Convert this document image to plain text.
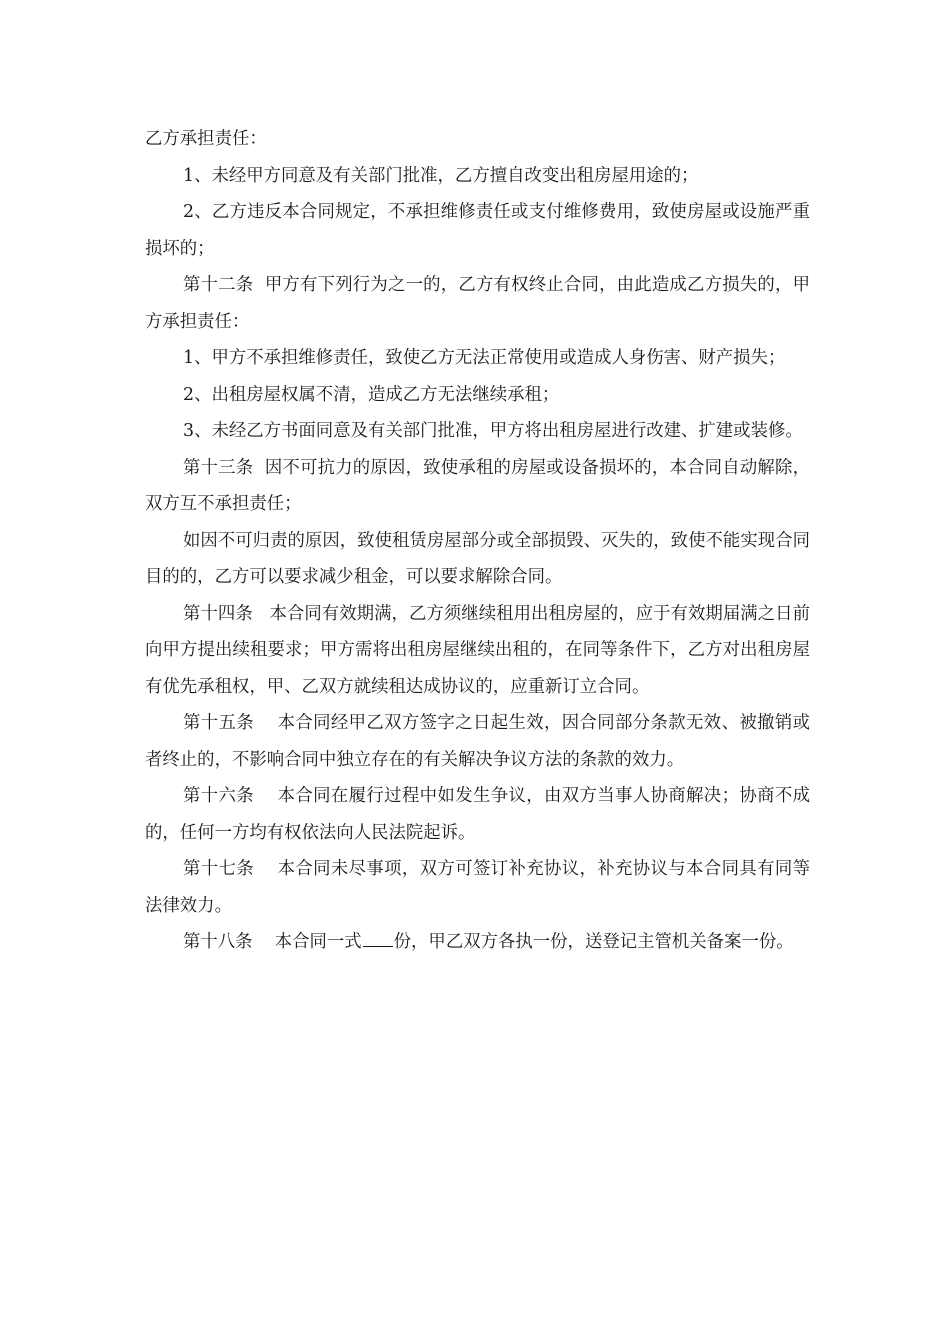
乙方承担责任：

1、未经甲方同意及有关部门批准，乙方擅自改变出租房屋用途的；

2、乙方违反本合同规定，不承担维修责任或支付维修费用，致使房屋或设施严重损坏的；

第十二条  甲方有下列行为之一的，乙方有权终止合同，由此造成乙方损失的，甲方承担责任：

1、甲方不承担维修责任，致使乙方无法正常使用或造成人身伤害、财产损失；

2、出租房屋权属不清，造成乙方无法继续承租；

3、未经乙方书面同意及有关部门批准，甲方将出租房屋进行改建、扩建或装修。

第十三条  因不可抗力的原因，致使承租的房屋或设备损坏的，本合同自动解除，双方互不承担责任；

如因不可归责的原因，致使租赁房屋部分或全部损毁、灭失的，致使不能实现合同目的的，乙方可以要求减少租金，可以要求解除合同。

第十四条   本合同有效期满，乙方须继续租用出租房屋的，应于有效期届满之日前向甲方提出续租要求；甲方需将出租房屋继续出租的，在同等条件下，乙方对出租房屋有优先承租权，甲、乙双方就续租达成协议的，应重新订立合同。

第十五条    本合同经甲乙双方签字之日起生效，因合同部分条款无效、被撤销或者终止的，不影响合同中独立存在的有关解决争议方法的条款的效力。

第十六条    本合同在履行过程中如发生争议，由双方当事人协商解决；协商不成的，任何一方均有权依法向人民法院起诉。

第十七条    本合同未尽事项，双方可签订补充协议，补充协议与本合同具有同等法律效力。

第十八条    本合同一式 份，甲乙双方各执一份，送登记主管机关备案一份。
